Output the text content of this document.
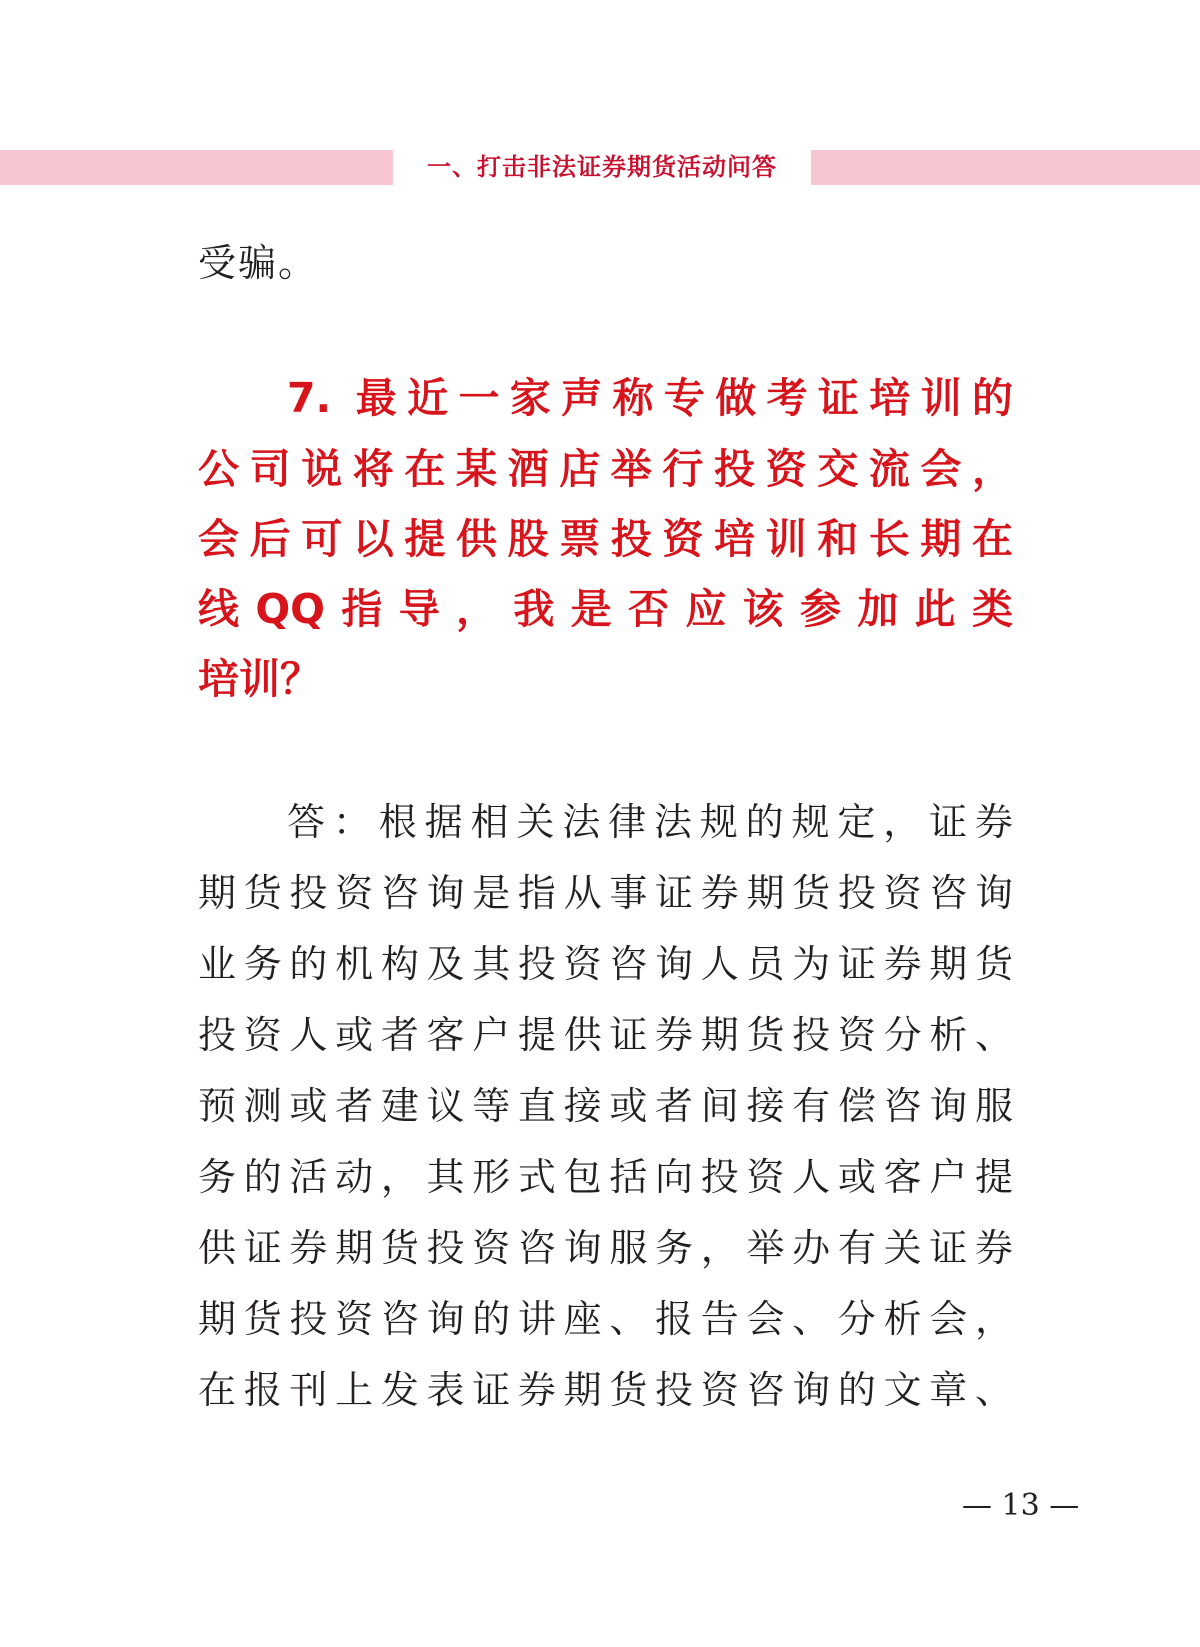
一、打击非法证券期货活动问答
受骗。
7. 最近一家声称专做考证培训的
公司说将在某酒店举行投资交流会，
会后可以提供股票投资培训和长期在
线QQ指导，我是否应该参加此类
培训？
答：根据相关法律法规的规定，证券
期货投资咨询是指从事证券期货投资咨询
业务的机构及其投资咨询人员为证券期货
投资人或者客户提供证券期货投资分析、
预测或者建议等直接或者间接有偿咨询服
务的活动，其形式包括向投资人或客户提
供证券期货投资咨询服务，举办有关证券
期货投资咨询的讲座、报告会、分析会，
在报刊上发表证券期货投资咨询的文章、
— 13 —
